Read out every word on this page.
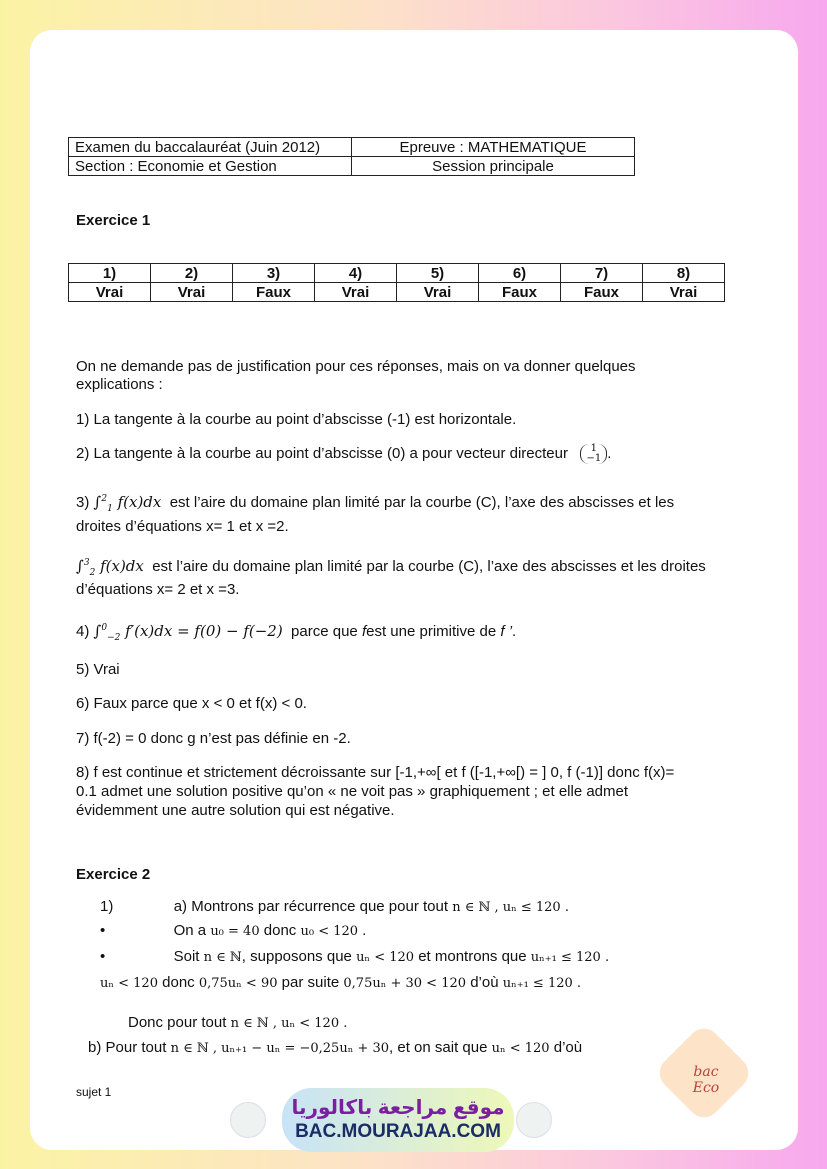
Examen du baccalauréat (Juin 2012)	Epreuve : MATHEMATIQUE
Section : Economie et Gestion	Session principale
Exercice 1
1)	2)	3)	4)	5)	6)	7)	8)
Vrai	Vrai	Faux	Vrai	Vrai	Faux	Faux	Vrai
On ne demande pas de justification pour ces réponses, mais on va donner quelques
explications :
1) La tangente à la courbe au point d’abscisse (-1) est horizontale.
2) La tangente à la courbe au point d’abscisse (0) a pour vecteur directeur 1
−1 .
3) ∫$^2_1$ f(x)dx est l’aire du domaine plan limité par la courbe (C), l’axe des abscisses et les
droites d’équations x= 1 et x =2.
∫$^3_2$ f(x)dx est l’aire du domaine plan limité par la courbe (C), l’axe des abscisses et les droites
d’équations x= 2 et x =3.
4) ∫$^0_{-2}$ f′(x)dx = f(0) − f(−2) parce que fest une primitive de f ’.
5) Vrai
6) Faux parce que x < 0 et f(x) < 0.
7) f(-2) = 0 donc g n’est pas définie en -2.
8) f est continue et strictement décroissante sur [-1,+∞[ et f ([-1,+∞[) = ] 0, f (-1)] donc f(x)=
0.1 admet une solution positive qu’on « ne voit pas » graphiquement ; et elle admet
évidemment une autre solution qui est négative.
Exercice 2
1)	a) Montrons par récurrence que pour tout n ∈ ℕ , uₙ ≤ 120 .
•	On a u₀ = 40 donc u₀ < 120 .
•	Soit n ∈ ℕ, supposons que uₙ < 120 et montrons que uₙ₊₁ ≤ 120 .
uₙ < 120 donc 0,75uₙ < 90 par suite 0,75uₙ + 30 < 120 d’où uₙ₊₁ ≤ 120 .
Donc pour tout n ∈ ℕ , uₙ < 120 .
b) Pour tout n ∈ ℕ , uₙ₊₁ − uₙ = −0,25uₙ + 30, et on sait que uₙ < 120 d’où
sujet 1
موقع مراجعة باكالوريا
BAC.MOURAJAA.COM
bac Eco
